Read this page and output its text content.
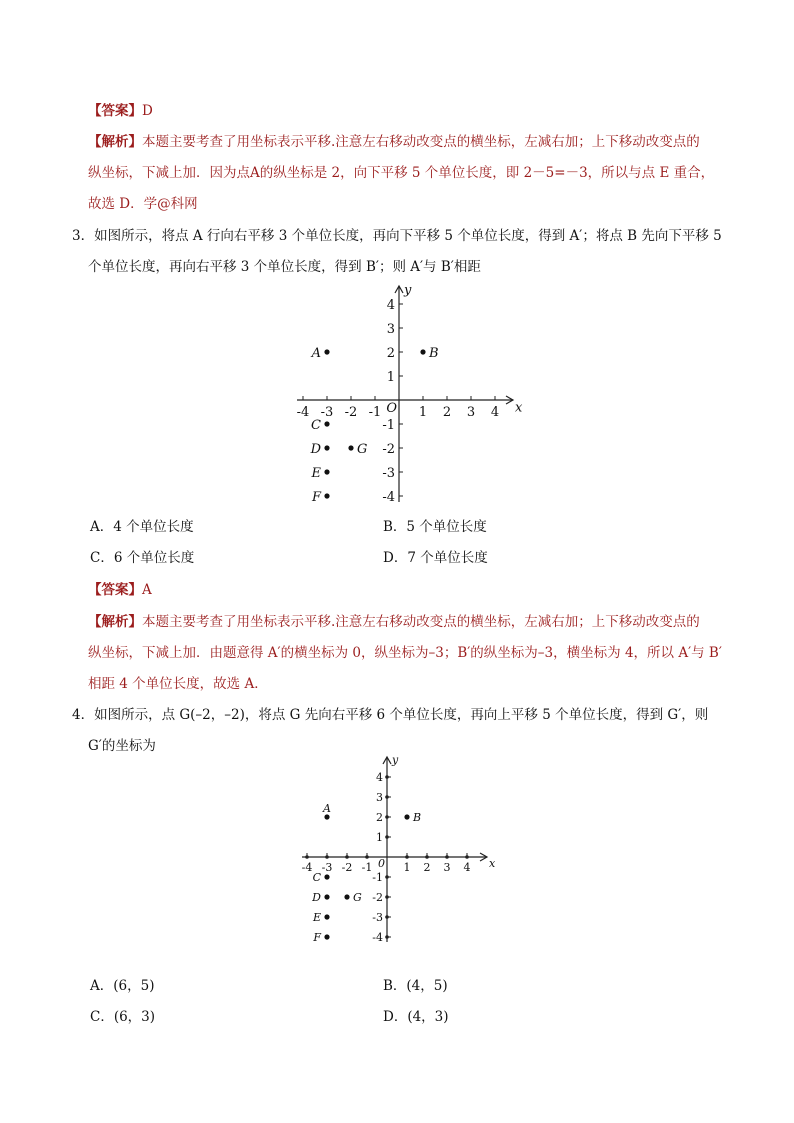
【答案】D
【解析】本题主要考查了用坐标表示平移.注意左右移动改变点的横坐标，左减右加；上下移动改变点的
纵坐标，下减上加．因为点A的纵坐标是 2，向下平移 5 个单位长度，即 2－5=－3，所以与点 E 重合，
故选 D．学@科网
3．如图所示，将点 A 行向右平移 3 个单位长度，再向下平移 5 个单位长度，得到 A′；将点 B 先向下平移 5
个单位长度，再向右平移 3 个单位长度，得到 B′；则 A′与 B′相距
-4 -3 -2 -1	1 2 3 4
-4
-3
-2
-1
1
2
3
4
x
y
O
A	B
C
D	G
E
F
A．4 个单位长度	B．5 个单位长度
C．6 个单位长度	D．7 个单位长度
【答案】A
【解析】本题主要考查了用坐标表示平移.注意左右移动改变点的横坐标，左减右加；上下移动改变点的
纵坐标，下减上加．由题意得 A′的横坐标为 0，纵坐标为–3；B′的纵坐标为–3，横坐标为 4，所以 A′与 B′
相距 4 个单位长度，故选 A．
4．如图所示，点 G(–2，–2)，将点 G 先向右平移 6 个单位长度，再向上平移 5 个单位长度，得到 G′，则
G′的坐标为
-4 -3 -2 -1	1 2 3 4
-4
-3
-2
-1
1
2
3
4
x
y
0
A
B
C
D	G
E
F
A．(6，5)	B．(4，5)
C．(6，3)	D．(4，3)
